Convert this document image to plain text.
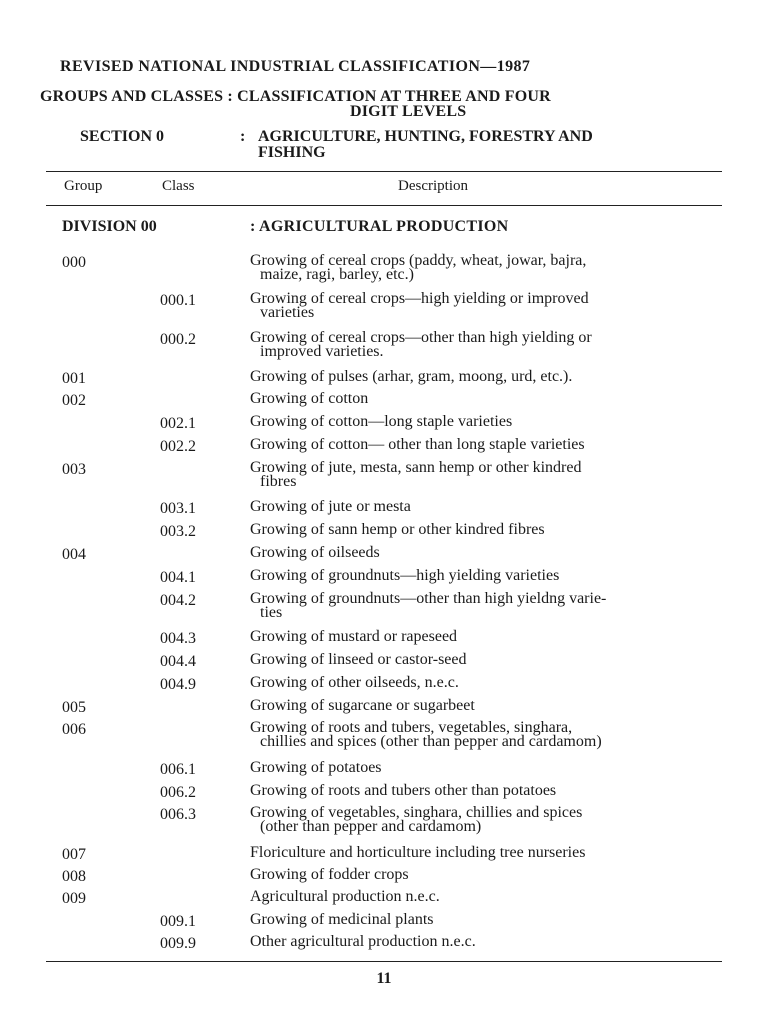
REVISED NATIONAL INDUSTRIAL CLASSIFICATION—1987
GROUPS AND CLASSES : CLASSIFICATION AT THREE AND FOUR
DIGIT LEVELS
SECTION 0	: AGRICULTURE, HUNTING, FORESTRY AND
FISHING
Group	Class	Description
DIVISION 00	: AGRICULTURAL PRODUCTION
000	Growing of cereal crops (paddy, wheat, jowar, bajra,
maize, ragi, barley, etc.)
000.1	Growing of cereal crops—high yielding or improved
varieties
000.2	Growing of cereal crops—other than high yielding or
improved varieties.
001	Growing of pulses (arhar, gram, moong, urd, etc.).
002	Growing of cotton
002.1	Growing of cotton—long staple varieties
002.2	Growing of cotton— other than long staple varieties
003	Growing of jute, mesta, sann hemp or other kindred
fibres
003.1	Growing of jute or mesta
003.2	Growing of sann hemp or other kindred fibres
004	Growing of oilseeds
004.1	Growing of groundnuts—high yielding varieties
004.2	Growing of groundnuts—other than high yieldng varie-
ties
004.3	Growing of mustard or rapeseed
004.4	Growing of linseed or castor-seed
004.9	Growing of other oilseeds, n.e.c.
005	Growing of sugarcane or sugarbeet
006	Growing of roots and tubers, vegetables, singhara,
chillies and spices (other than pepper and cardamom)
006.1	Growing of potatoes
006.2	Growing of roots and tubers other than potatoes
006.3	Growing of vegetables, singhara, chillies and spices
(other than pepper and cardamom)
007	Floriculture and horticulture including tree nurseries
008	Growing of fodder crops
009	Agricultural production n.e.c.
009.1	Growing of medicinal plants
009.9	Other agricultural production n.e.c.
11
